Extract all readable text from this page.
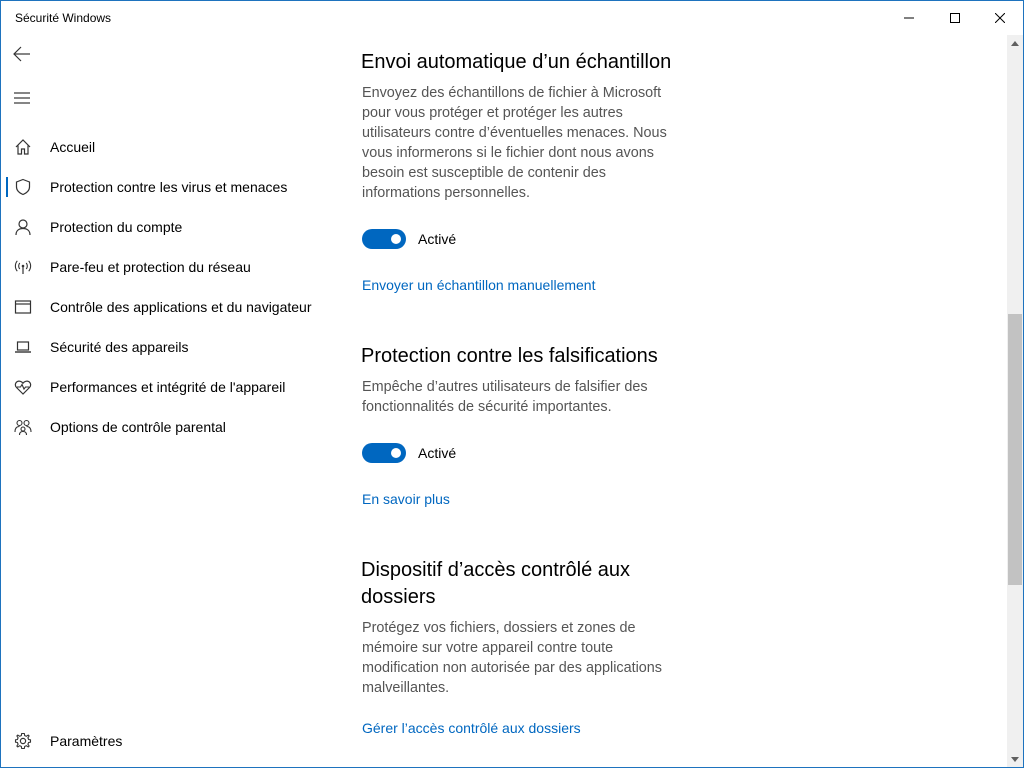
Sécurité Windows
Accueil
Protection contre les virus et menaces
Protection du compte
Pare-feu et protection du réseau
Contrôle des applications et du navigateur
Sécurité des appareils
Performances et intégrité de l'appareil
Options de contrôle parental
Paramètres
Envoi automatique d’un échantillon
Envoyez des échantillons de fichier à Microsoft
pour vous protéger et protéger les autres
utilisateurs contre d’éventuelles menaces. Nous
vous informerons si le fichier dont nous avons
besoin est susceptible de contenir des
informations personnelles.
Activé
Envoyer un échantillon manuellement
Protection contre les falsifications
Empêche d’autres utilisateurs de falsifier des
fonctionnalités de sécurité importantes.
Activé
En savoir plus
Dispositif d’accès contrôlé aux
dossiers
Protégez vos fichiers, dossiers et zones de
mémoire sur votre appareil contre toute
modification non autorisée par des applications
malveillantes.
Gérer l’accès contrôlé aux dossiers
